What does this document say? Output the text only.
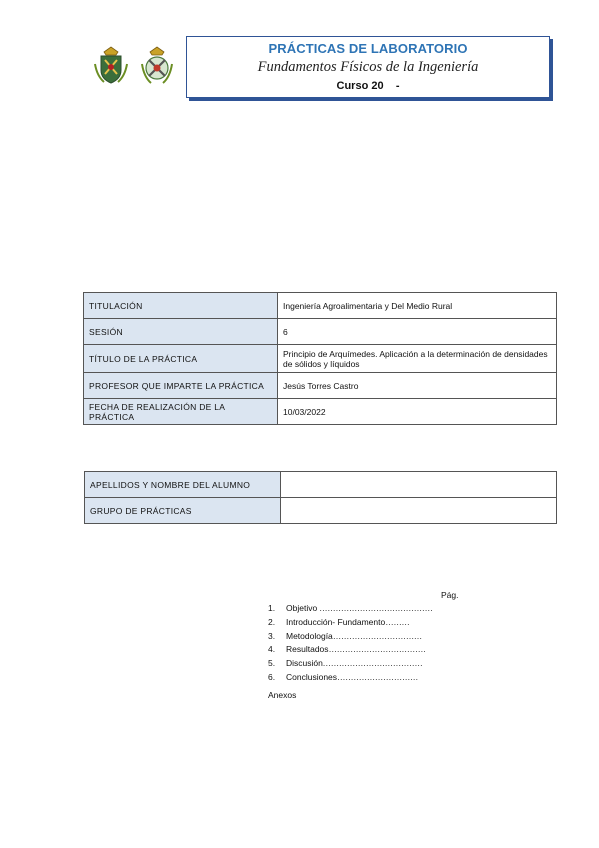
PRÁCTICAS DE LABORATORIO
Fundamentos Físicos de la Ingeniería
Curso 20    -
TITULACIÓN	Ingeniería Agroalimentaria y Del Medio Rural
SESIÓN	6
TÍTULO DE LA PRÁCTICA	Principio de Arquímedes. Aplicación a la determinación de densidades de sólidos y líquidos
PROFESOR QUE IMPARTE LA PRÁCTICA	Jesús Torres Castro
FECHA DE REALIZACIÓN DE LA PRÁCTICA	10/03/2022
APELLIDOS Y NOMBRE DEL ALUMNO	
GRUPO DE PRÁCTICAS	
Pág.
1. Objetivo ……………………………………
2. Introducción- Fundamento………
3. Metodología……………………………
4. Resultados………………………………
5. Discusión.………………………………
6. Conclusiones…………………………
Anexos
